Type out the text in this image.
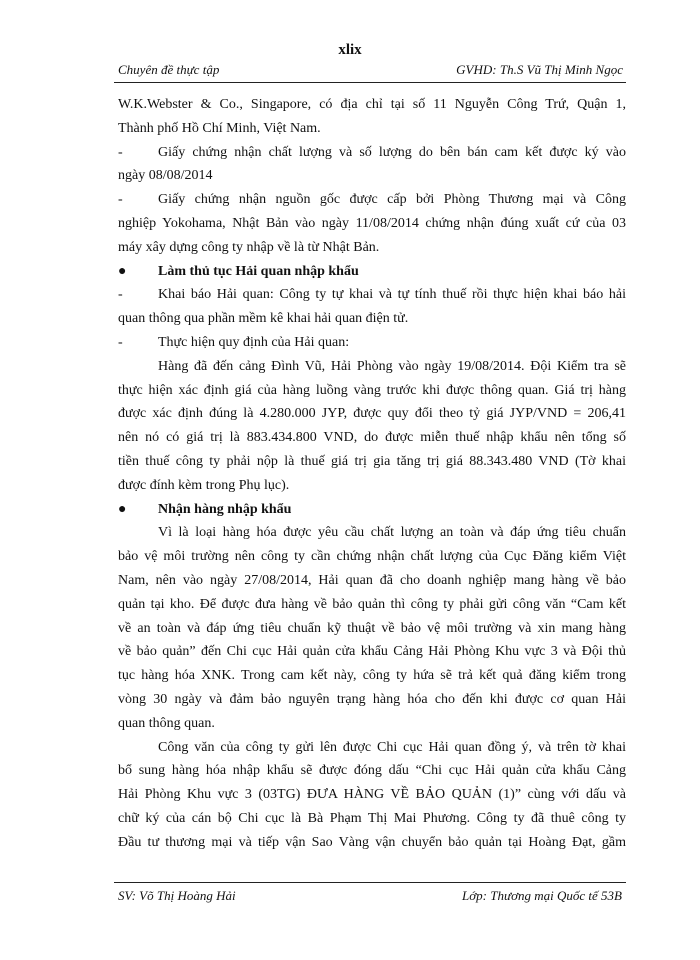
xlix
Chuyên đề thực tập	GVHD: Th.S Vũ Thị Minh Ngọc

W.K.Webster & Co., Singapore, có địa chỉ tại số 11 Nguyễn Công Trứ, Quận 1,
Thành phố Hồ Chí Minh, Việt Nam.

- Giấy chứng nhận chất lượng và số lượng do bên bán cam kết được ký vào

ngày 08/08/2014

- Giấy chứng nhận nguồn gốc được cấp bởi Phòng Thương mại và Công

nghiệp Yokohama, Nhật Bản vào ngày 11/08/2014 chứng nhận đúng xuất cứ của 03
máy xây dựng công ty nhập về là từ Nhật Bản.

● Làm thủ tục Hải quan nhập khẩu

- Khai báo Hải quan: Công ty tự khai và tự tính thuế rồi thực hiện khai báo hải

quan thông qua phần mềm kê khai hải quan điện tử.

- Thực hiện quy định của Hải quan:

Hàng đã đến cảng Đình Vũ, Hải Phòng vào ngày 19/08/2014. Đội Kiểm tra sẽ
thực hiện xác định giá của hàng luồng vàng trước khi được thông quan. Giá trị hàng
được xác định đúng là 4.280.000 JYP, được quy đổi theo tỷ giá JYP/VND = 206,41
nên nó có giá trị là 883.434.800 VND, do được miễn thuế nhập khẩu nên tổng số
tiền thuế công ty phải nộp là thuế giá trị gia tăng trị giá 88.343.480 VND (Tờ khai
được đính kèm trong Phụ lục).

● Nhận hàng nhập khẩu

Vì là loại hàng hóa được yêu cầu chất lượng an toàn và đáp ứng tiêu chuẩn
bảo vệ môi trường nên công ty cần chứng nhận chất lượng của Cục Đăng kiểm Việt
Nam, nên vào ngày 27/08/2014, Hải quan đã cho doanh nghiệp mang hàng về bảo
quản tại kho. Để được đưa hàng về bảo quản thì công ty phải gửi công văn “Cam kết
về an toàn và đáp ứng tiêu chuẩn kỹ thuật về bảo vệ môi trường và xin mang hàng
về bảo quản” đến Chi cục Hải quản cửa khẩu Cảng Hải Phòng Khu vực 3 và Đội thủ
tục hàng hóa XNK. Trong cam kết này, công ty hứa sẽ trả kết quả đăng kiểm trong
vòng 30 ngày và đảm bảo nguyên trạng hàng hóa cho đến khi được cơ quan Hải
quan thông quan.

Công văn của công ty gửi lên được Chi cục Hải quan đồng ý, và trên tờ khai
bổ sung hàng hóa nhập khẩu sẽ được đóng dấu “Chi cục Hải quản cửa khẩu Cảng
Hải Phòng Khu vực 3 (03TG) ĐƯA HÀNG VỀ BẢO QUẢN (1)” cùng với dấu và
chữ ký của cán bộ Chi cục là Bà Phạm Thị Mai Phương. Công ty đã thuê công ty
Đầu tư thương mại và tiếp vận Sao Vàng vận chuyển bảo quản tại Hoàng Đạt, gầm

SV: Võ Thị Hoàng Hải	Lớp: Thương mại Quốc tế 53B
